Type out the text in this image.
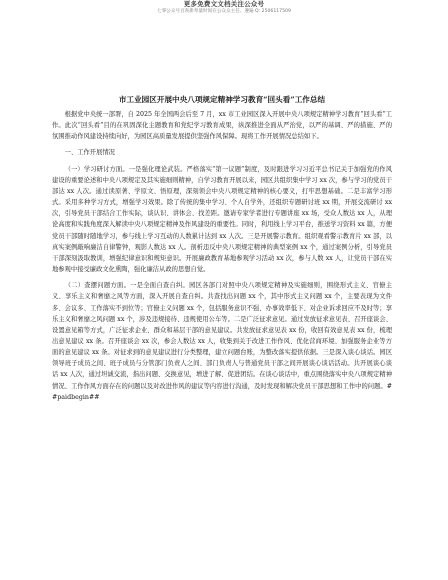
更多免费文文档关注公众号
七零公众号百查新奉量时间在公众众主任、遵遍 Q: 2506117509
市工业园区开展中央八项规定精神学习教育“回头看”工作总结

根据党中央统一部署，自 2025 年全国两会后至 7 月，xx 市工业园区深入开展中央八项规定精神学习教育“回头看”工作。此次“回头看”目的在巩固深化主题教育和党纪学习教育成果，纵深推进全面从严治党，以严的基调、严的措施、严的氛围推动作风建设持续向好，为园区高质量发展提供坚强作风保障。现将工作开展情况总结如下。

一、工作开展情况

（一）学习研讨方面。一是强化理论武装。严格落实“第一议题”制度，及时跟进学习习近平总书记关于加强党的作风建设的重要论述和中央八项规定及其实施细则精神，自学习教育开展以来，园区共组织集中学习 xx 次，参与学习的党员干部达 xx 人次。通过读原著、学原文、悟原理，深刻领会中央八项规定精神的核心要义，打牢思想基础。二是丰富学习形式。采用多种学习方式，增强学习效果。除了传统的集中学习、个人自学外，还组织专题研讨班 xx 期，开展交流研讨 xx 次，引导党员干部结合工作实际，谈认识、讲体会、找差距。邀请专家学者进行专题讲座 xx 场，受众人数达 xx 人，从理论高度和实践角度深入解读中央八项规定精神及作风建设的重要性。同时，利用线上学习平台，推送学习资料 xx 篇，方便党员干部随时随地学习，参与线上学习互动的人数累计达到 xx 人次。三是开展警示教育。组织观看警示教育片 xx 部，以真实案例敲响廉洁自律警钟，观影人数达 xx 人。剖析违反中央八项规定精神的典型案例 xx 个，通过案例分析，引导党员干部深刻汲取教训，增强纪律意识和规矩意识。开展廉政教育基地参观学习活动 xx 次，参与人数 xx 人，让党员干部在实地参观中接受廉政文化熏陶，强化廉洁从政的思想自觉。

（二）查摆问题方面。一是全面自查自纠。园区各部门对照中央八项规定精神及实施细则，围绕形式主义、官僚主义、享乐主义和奢靡之风等方面，深入开展自查自纠。共查找出问题 xx 个，其中形式主义问题 xx 个，主要表现为文件多、会议多、工作落实不到位等；官僚主义问题 xx 个，包括服务意识不强、办事效率低下、对企业诉求回应不及时等；享乐主义和奢靡之风问题 xx 个，涉及违规接待、违规使用公车等。二是广泛征求意见。通过发放征求意见表、召开座谈会、设置意见箱等方式，广泛征求企业、群众和基层干部的意见建议。共发放征求意见表 xx 份，收回有效意见表 xx 份，梳理出意见建议 xx 条。召开座谈会 xx 次，参会人数达 xx 人，收集到关于改进工作作风、优化营商环境、加强服务企业等方面的意见建议 xx 条。对征求到的意见建议进行分类整理，建立问题台账，为整改落实提供依据。三是深入谈心谈话。园区领导班子成员之间、班子成员与分管部门负责人之间、部门负责人与普通党员干部之间开展谈心谈话活动。共开展谈心谈话 xx 人次，通过坦诚交流，指出问题、交换意见，增进了解、促进团结。在谈心谈话中，重点围绕落实中央八项规定精神情况、工作作风方面存在的问题以及对改进作风的建议等内容进行沟通，及时发现和解决党员干部思想和工作中的问题。##paidbegin##
